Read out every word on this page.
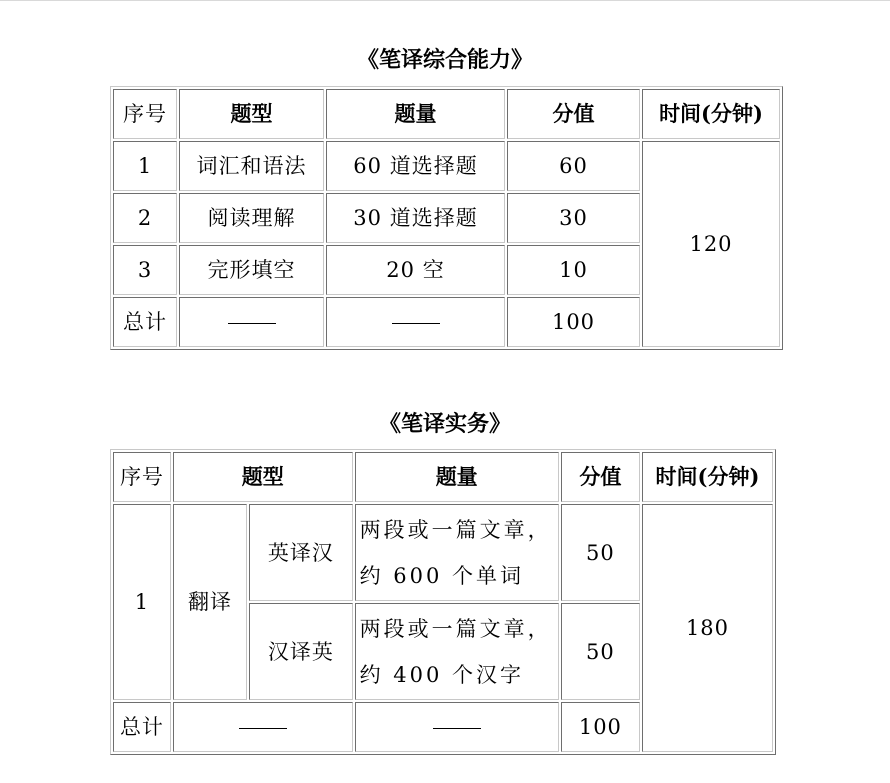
《笔译综合能力》
序号	题型	题量	分值	时间(分钟)
1	词汇和语法	60 道选择题	60	120
2	阅读理解	30 道选择题	30	
3	完形填空	20 空	10	
总计			100	
《笔译实务》
序号	题型		题量	分值	时间(分钟)
1	翻译	英译汉	两段或一篇文章，约 600 个单词	50	180
		汉译英	两段或一篇文章，约 400 个汉字	50	
总计				100	
